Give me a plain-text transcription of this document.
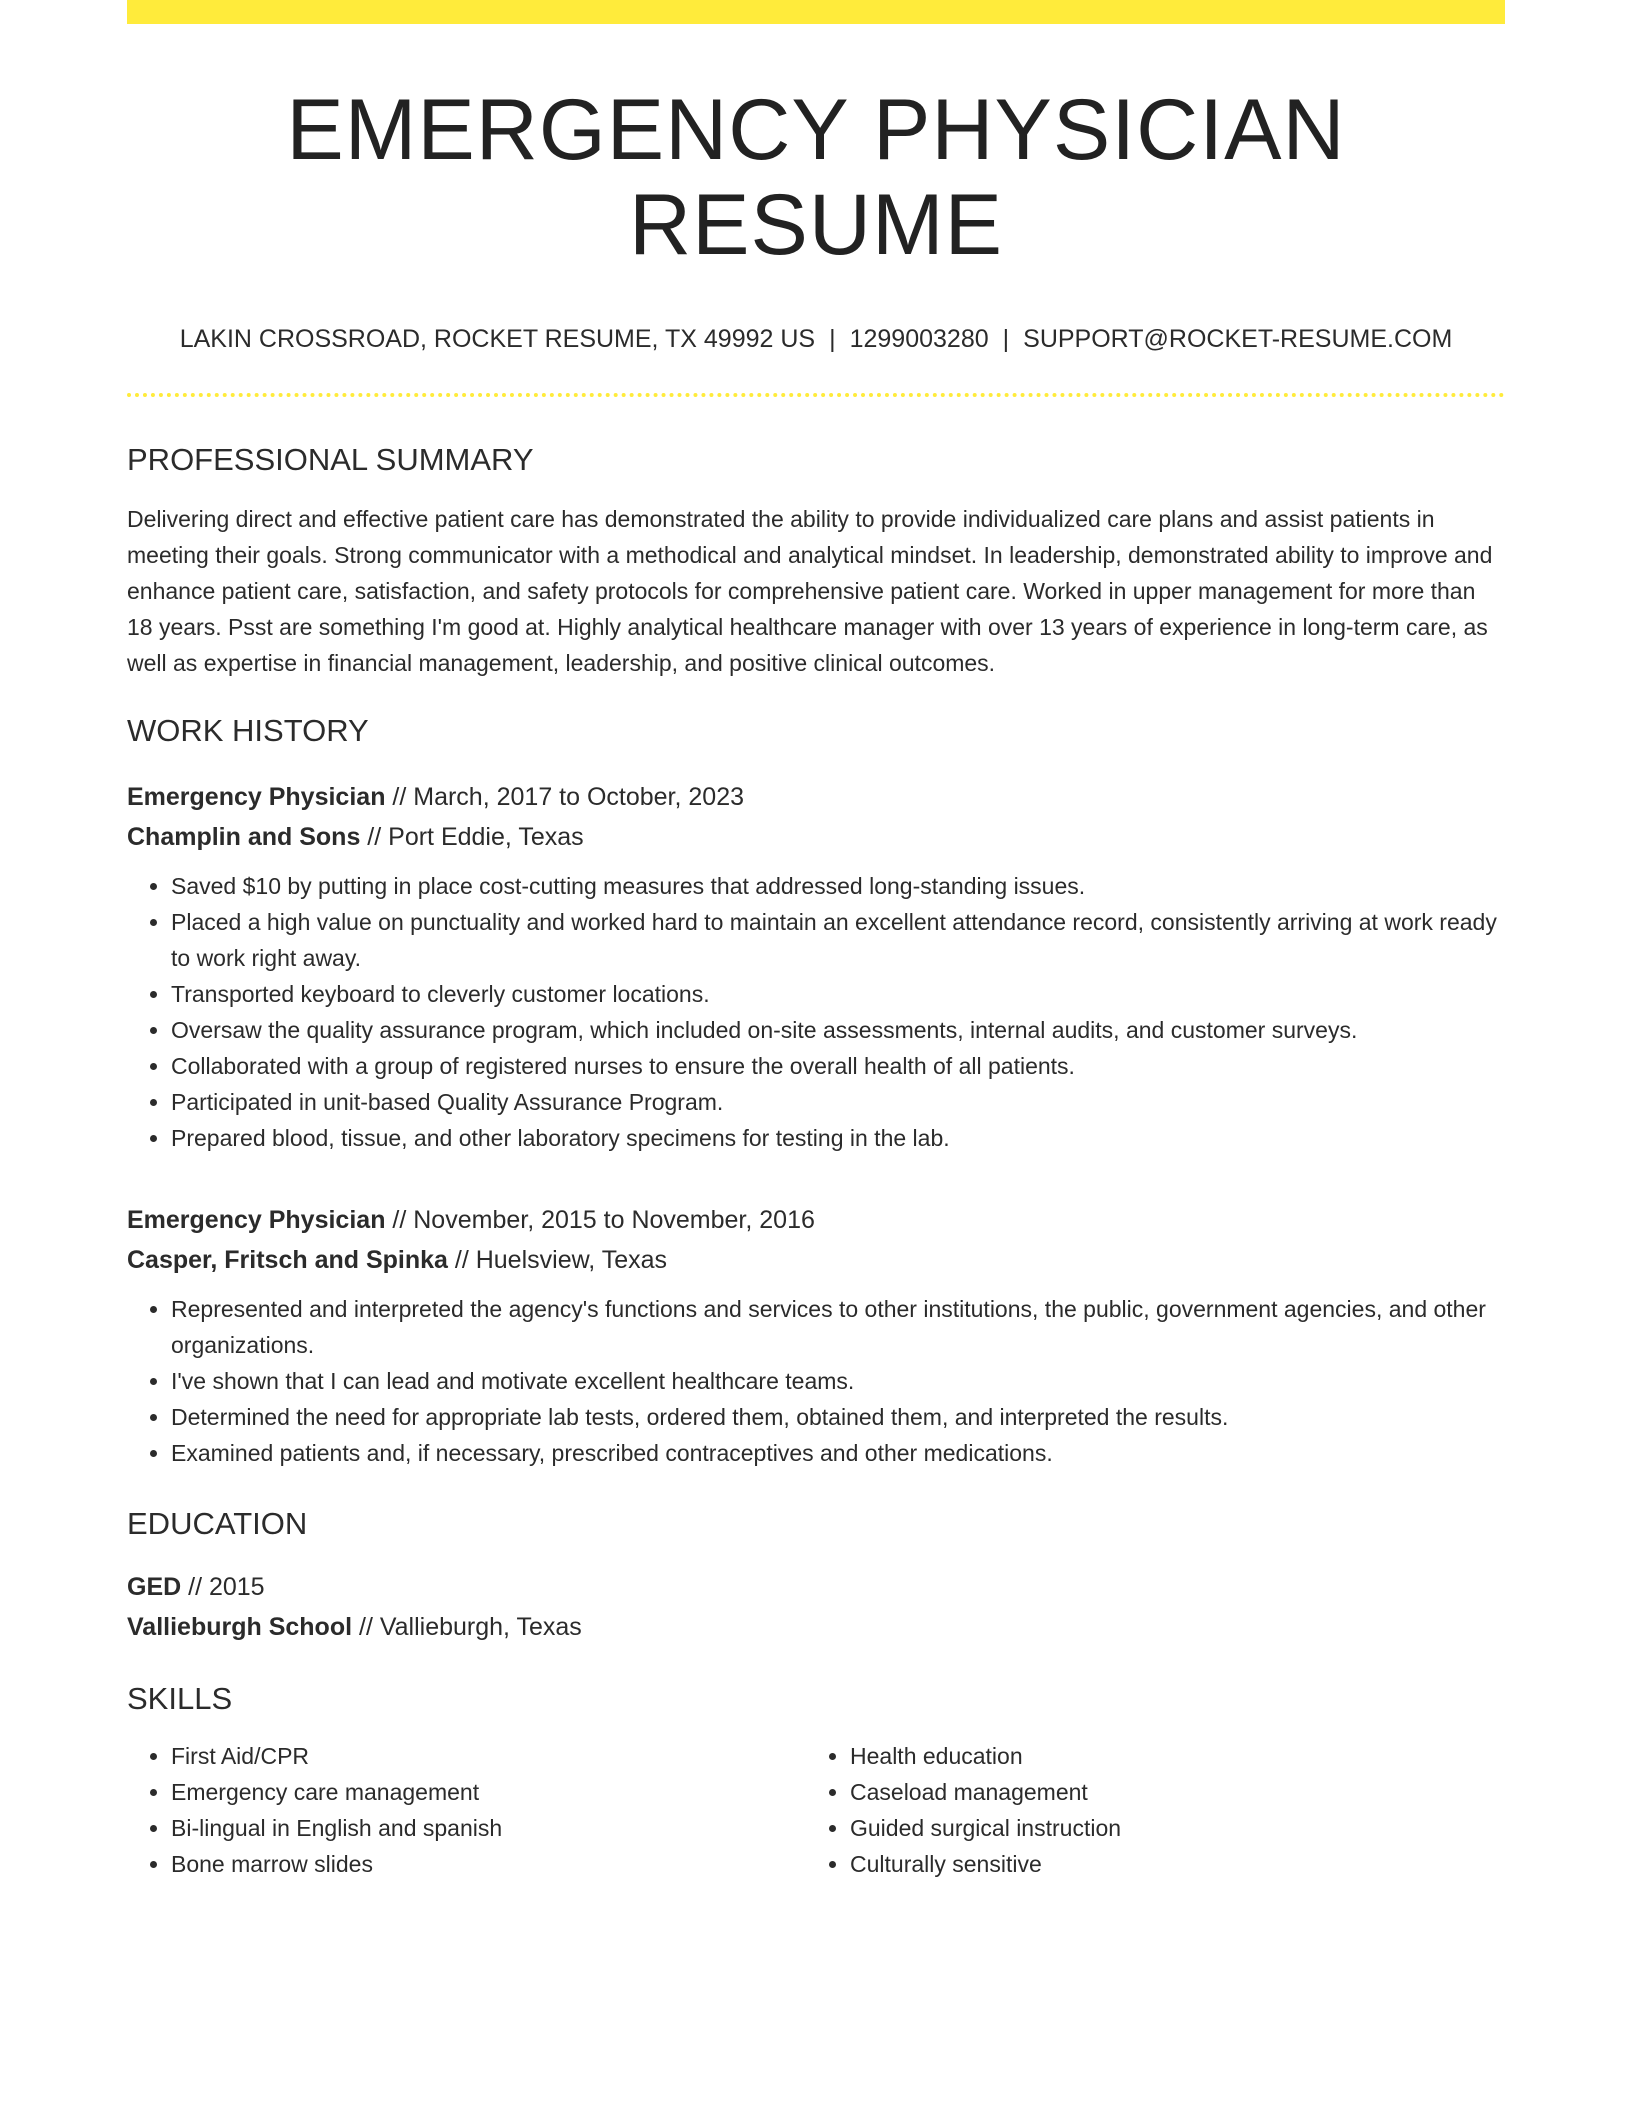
EMERGENCY PHYSICIAN RESUME
LAKIN CROSSROAD, ROCKET RESUME, TX 49992 US | 1299003280 | SUPPORT@ROCKET-RESUME.COM
PROFESSIONAL SUMMARY

Delivering direct and effective patient care has demonstrated the ability to provide individualized care plans and assist patients in meeting their goals. Strong communicator with a methodical and analytical mindset. In leadership, demonstrated ability to improve and enhance patient care, satisfaction, and safety protocols for comprehensive patient care. Worked in upper management for more than 18 years. Psst are something I'm good at. Highly analytical healthcare manager with over 13 years of experience in long-term care, as well as expertise in financial management, leadership, and positive clinical outcomes.

WORK HISTORY
Emergency Physician // March, 2017 to October, 2023
Champlin and Sons // Port Eddie, Texas
• Saved $10 by putting in place cost-cutting measures that addressed long-standing issues.
• Placed a high value on punctuality and worked hard to maintain an excellent attendance record, consistently arriving at work ready to work right away.
• Transported keyboard to cleverly customer locations.
• Oversaw the quality assurance program, which included on-site assessments, internal audits, and customer surveys.
• Collaborated with a group of registered nurses to ensure the overall health of all patients.
• Participated in unit-based Quality Assurance Program.
• Prepared blood, tissue, and other laboratory specimens for testing in the lab.
Emergency Physician // November, 2015 to November, 2016
Casper, Fritsch and Spinka // Huelsview, Texas
• Represented and interpreted the agency's functions and services to other institutions, the public, government agencies, and other organizations.
• I've shown that I can lead and motivate excellent healthcare teams.
• Determined the need for appropriate lab tests, ordered them, obtained them, and interpreted the results.
• Examined patients and, if necessary, prescribed contraceptives and other medications.
EDUCATION
GED // 2015
Vallieburgh School // Vallieburgh, Texas
SKILLS
• First Aid/CPR
• Emergency care management
• Bi-lingual in English and spanish
• Bone marrow slides
• Health education
• Caseload management
• Guided surgical instruction
• Culturally sensitive
